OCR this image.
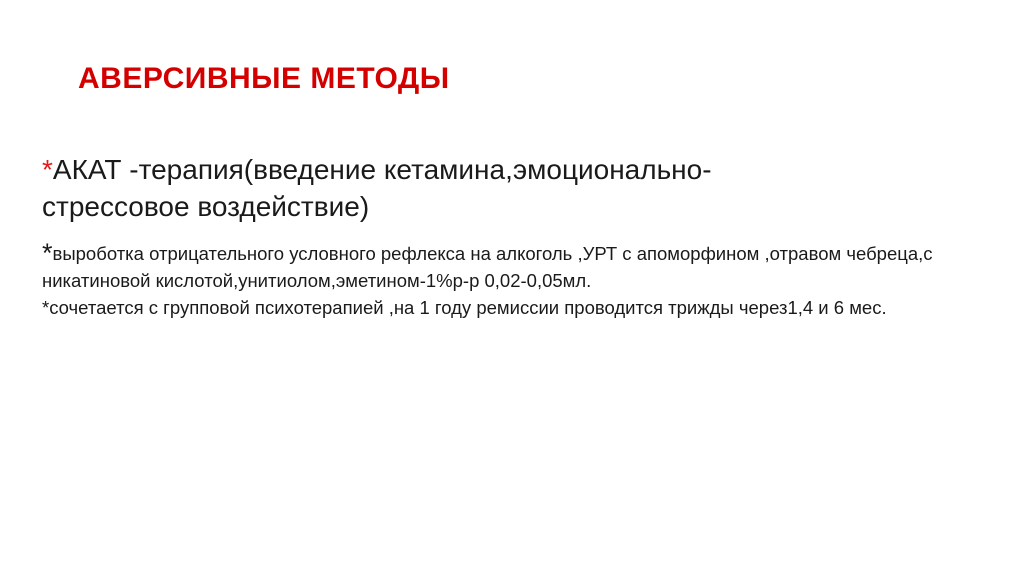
АВЕРСИВНЫЕ МЕТОДЫ
*АКАТ -терапия(введение кетамина,эмоционально-стрессовое воздействие)
*выроботка отрицательного условного рефлекса на алкоголь ,УРТ с апоморфином ,отравом чебреца,с никатиновой кислотой,унитиолом,эметином-1%р-р 0,02-0,05мл.
*сочетается с групповой психотерапией ,на 1 году ремиссии проводится трижды через1,4 и 6 мес.
